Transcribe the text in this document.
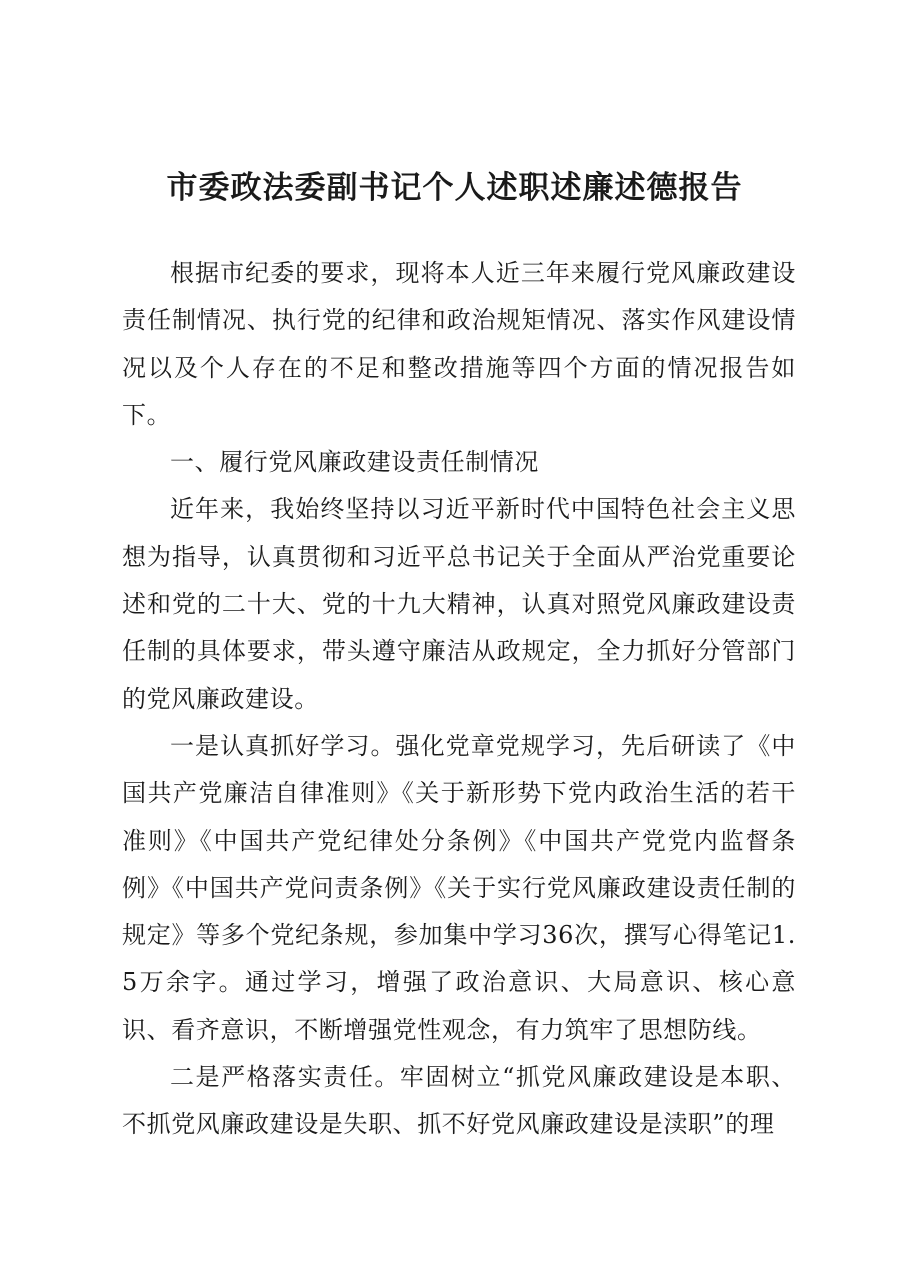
市委政法委副书记个人述职述廉述德报告

根据市纪委的要求，现将本人近三年来履行党风廉政建设责任制情况、执行党的纪律和政治规矩情况、落实作风建设情况以及个人存在的不足和整改措施等四个方面的情况报告如下。

一、履行党风廉政建设责任制情况

近年来，我始终坚持以习近平新时代中国特色社会主义思想为指导，认真贯彻和习近平总书记关于全面从严治党重要论述和党的二十大、党的十九大精神，认真对照党风廉政建设责任制的具体要求，带头遵守廉洁从政规定，全力抓好分管部门的党风廉政建设。

一是认真抓好学习。强化党章党规学习，先后研读了《中国共产党廉洁自律准则》《关于新形势下党内政治生活的若干准则》《中国共产党纪律处分条例》《中国共产党党内监督条例》《中国共产党问责条例》《关于实行党风廉政建设责任制的规定》等多个党纪条规，参加集中学习36次，撰写心得笔记1.5万余字。通过学习，增强了政治意识、大局意识、核心意识、看齐意识，不断增强党性观念，有力筑牢了思想防线。

二是严格落实责任。牢固树立“抓党风廉政建设是本职、不抓党风廉政建设是失职、抓不好党风廉政建设是渎职”的理
